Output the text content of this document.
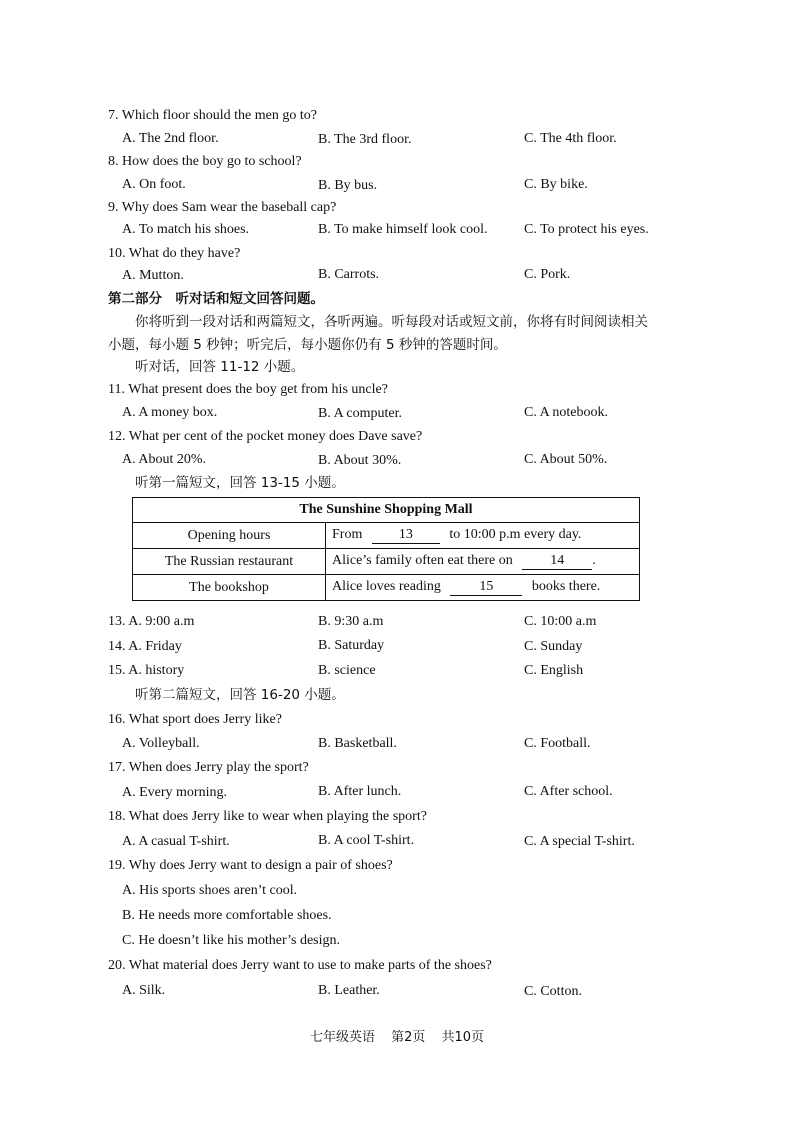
7. Which floor should the men go to?
A. The 2nd floor.	B. The 3rd floor.	C. The 4th floor.
8. How does the boy go to school?
A. On foot.	B. By bus.	C. By bike.
9. Why does Sam wear the baseball cap?
A. To match his shoes.	B. To make himself look cool.	C. To protect his eyes.
10. What do they have?
A. Mutton.	B. Carrots.	C. Pork.
第二部分　听对话和短文回答问题。
你将听到一段对话和两篇短文，各听两遍。听每段对话或短文前，你将有时间阅读相关
小题，每小题 5 秒钟；听完后，每小题你仍有 5 秒钟的答题时间。
听对话，回答 11-12 小题。
11. What present does the boy get from his uncle?
A. A money box.	B. A computer.	C. A notebook.
12. What per cent of the pocket money does Dave save?
A. About 20%.	B. About 30%.	C. About 50%.
听第一篇短文，回答 13-15 小题。
The Sunshine Shopping Mall	
Opening hours	From 13 to 10:00 p.m every day.
The Russian restaurant	Alice’s family often eat there on 14 .
The bookshop	Alice loves reading 15 books there.
13. A. 9:00 a.m	B. 9:30 a.m	C. 10:00 a.m
14. A. Friday	B. Saturday	C. Sunday
15. A. history	B. science	C. English
听第二篇短文，回答 16-20 小题。
16. What sport does Jerry like?
A. Volleyball.	B. Basketball.	C. Football.
17. When does Jerry play the sport?
A. Every morning.	B. After lunch.	C. After school.
18. What does Jerry like to wear when playing the sport?
A. A casual T-shirt.	B. A cool T-shirt.	C. A special T-shirt.
19. Why does Jerry want to design a pair of shoes?
A. His sports shoes aren’t cool.
B. He needs more comfortable shoes.
C. He doesn’t like his mother’s design.
20. What material does Jerry want to use to make parts of the shoes?
A. Silk.	B. Leather.	C. Cotton.
七年级英语 第2页 共10页
